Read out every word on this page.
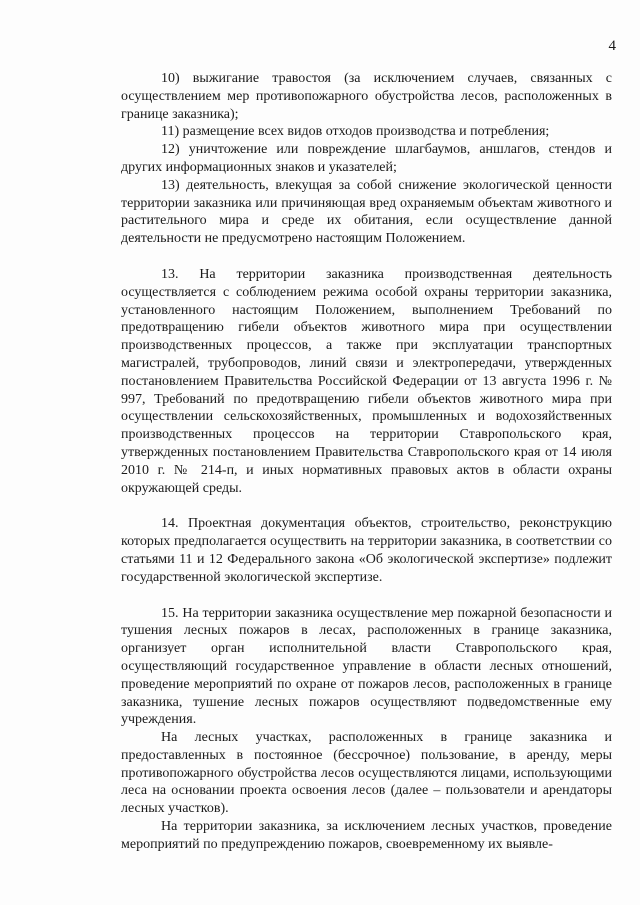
4

10) выжигание травостоя (за исключением случаев, связанных с осуществлением мер противопожарного обустройства лесов, расположенных в границе заказника);

11) размещение всех видов отходов производства и потребления;

12) уничтожение или повреждение шлагбаумов, аншлагов, стендов и других информационных знаков и указателей;

13) деятельность, влекущая за собой снижение экологической ценности территории заказника или причиняющая вред охраняемым объектам животного и растительного мира и среде их обитания, если осуществление данной деятельности не предусмотрено настоящим Положением.

13. На территории заказника производственная деятельность осуществляется с соблюдением режима особой охраны территории заказника, установленного настоящим Положением, выполнением Требований по предотвращению гибели объектов животного мира при осуществлении производственных процессов, а также при эксплуатации транспортных магистралей, трубопроводов, линий связи и электропередачи, утвержденных постановлением Правительства Российской Федерации от 13 августа 1996 г. № 997, Требований по предотвращению гибели объектов животного мира при осуществлении сельскохозяйственных, промышленных и водохозяйственных производственных процессов на территории Ставропольского края, утвержденных постановлением Правительства Ставропольского края от 14 июля 2010 г. № 214-п, и иных нормативных правовых актов в области охраны окружающей среды.

14. Проектная документация объектов, строительство, реконструкцию которых предполагается осуществить на территории заказника, в соответствии со статьями 11 и 12 Федерального закона «Об экологической экспертизе» подлежит государственной экологической экспертизе.

15. На территории заказника осуществление мер пожарной безопасности и тушения лесных пожаров в лесах, расположенных в границе заказника, организует орган исполнительной власти Ставропольского края, осуществляющий государственное управление в области лесных отношений, проведение мероприятий по охране от пожаров лесов, расположенных в границе заказника, тушение лесных пожаров осуществляют подведомственные ему учреждения.

На лесных участках, расположенных в границе заказника и предоставленных в постоянное (бессрочное) пользование, в аренду, меры противопожарного обустройства лесов осуществляются лицами, использующими леса на основании проекта освоения лесов (далее – пользователи и арендаторы лесных участков).

На территории заказника, за исключением лесных участков, проведение мероприятий по предупреждению пожаров, своевременному их выявле-
